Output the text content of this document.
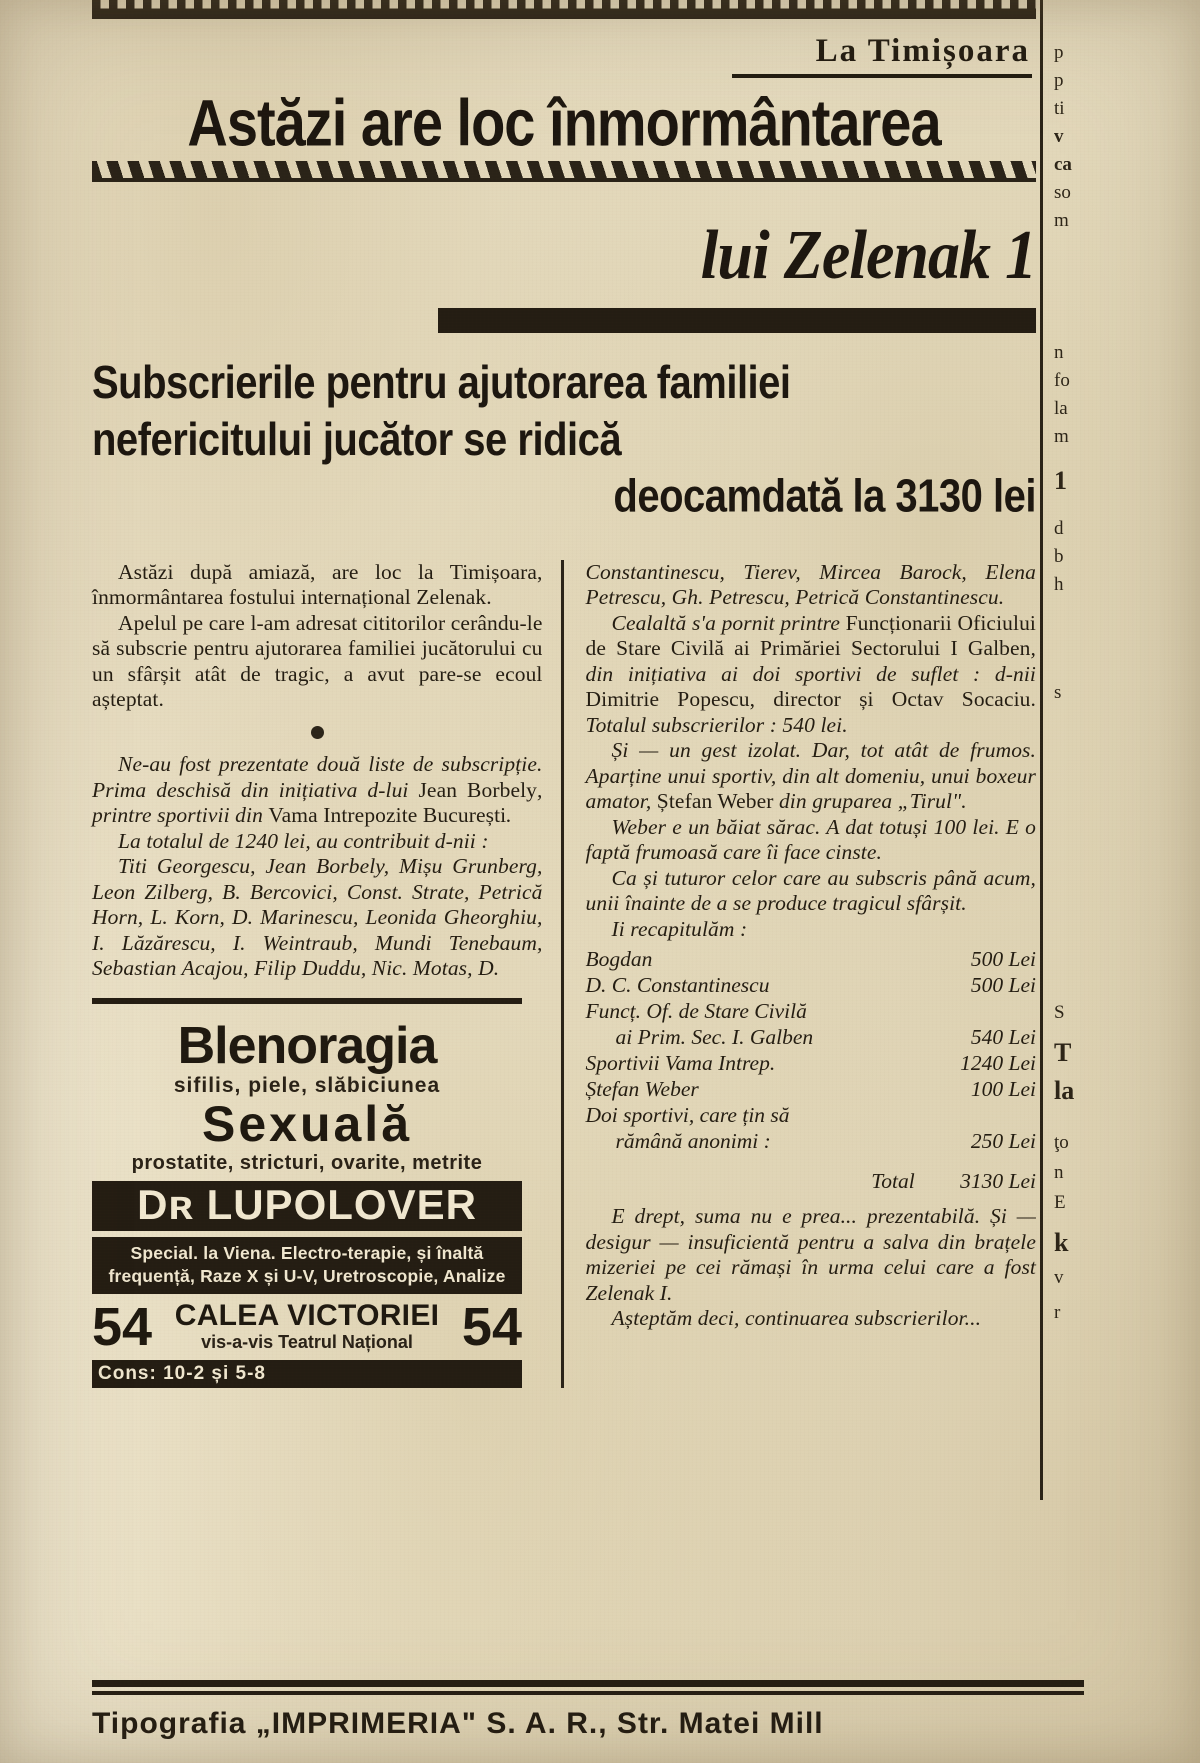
La Timișoara
Astăzi are loc înmormântarea
lui Zelenak 1
Subscrierile pentru ajutorarea familiei
nefericitului jucător se ridică
deocamdată la 3130 lei

Astăzi după amiază, are loc la Timișoara, înmormântarea fostului internațional Zelenak.

Apelul pe care l-am adresat cititorilor cerându-le să subscrie pentru ajutorarea familiei jucătorului cu un sfârșit atât de tragic, a avut pare-se ecoul așteptat.

Ne-au fost prezentate două liste de subscripție. Prima deschisă din inițiativa d-lui Jean Borbely, printre sportivii din Vama Intrepozite București.

La totalul de 1240 lei, au contribuit d-nii :

Titi Georgescu, Jean Borbely, Mișu Grunberg, Leon Zilberg, B. Bercovici, Const. Strate, Petrică Horn, L. Korn, D. Marinescu, Leonida Gheorghiu, I. Lăzărescu, I. Weintraub, Mundi Tenebaum, Sebastian Acajou, Filip Duddu, Nic. Motas, D.

Blenoragia
sifilis, piele, slăbiciunea
Sexuală
prostatite, stricturi, ovarite, metrite
Dʀ LUPOLOVER
Special. la Viena. Electro-terapie, și înaltă
frequență, Raze X și U-V, Uretroscopie, Analize
54 CALEA VICTORIEI
vis-a-vis Teatrul Național 54
Cons: 10-2 și 5-8

Constantinescu, Tierev, Mircea Barock, Elena Petrescu, Gh. Petrescu, Petrică Constantinescu.

Cealaltă s'a pornit printre Funcționarii Oficiului de Stare Civilă ai Primăriei Sectorului I Galben, din inițiativa ai doi sportivi de suflet : d-nii Dimitrie Popescu, director și Octav Socaciu. Totalul subscrierilor : 540 lei.

Și — un gest izolat. Dar, tot atât de frumos. Aparține unui sportiv, din alt domeniu, unui boxeur amator, Ștefan Weber din gruparea „Tirul".

Weber e un băiat sărac. A dat totuși 100 lei. E o faptă frumoasă care îi face cinste.

Ca și tuturor celor care au subscris până acum, unii înainte de a se produce tragicul sfârșit.

Ii recapitulăm :

Bogdan	500 Lei
D. C. Constantinescu	500 Lei
Funcț. Of. de Stare Civilă	
ai Prim. Sec. I. Galben	540 Lei
Sportivii Vama Intrep.	1240 Lei
Ștefan Weber	100 Lei
Doi sportivi, care țin să	
rămână anonimi :	250 Lei
Total	3130 Lei

E drept, suma nu e prea... prezentabilă. Și — desigur — insuficientă pentru a salva din brațele mizeriei pe cei rămași în urma celui care a fost Zelenak I.

Așteptăm deci, continuarea subscrierilor...

p
p
ti
v
ca
so
m
n
fo
la
m
1
d
b
h
s
S
T
la
ţo
n
E
k
v
r
Tipografia „IMPRIMERIA" S. A. R., Str. Matei Mill
